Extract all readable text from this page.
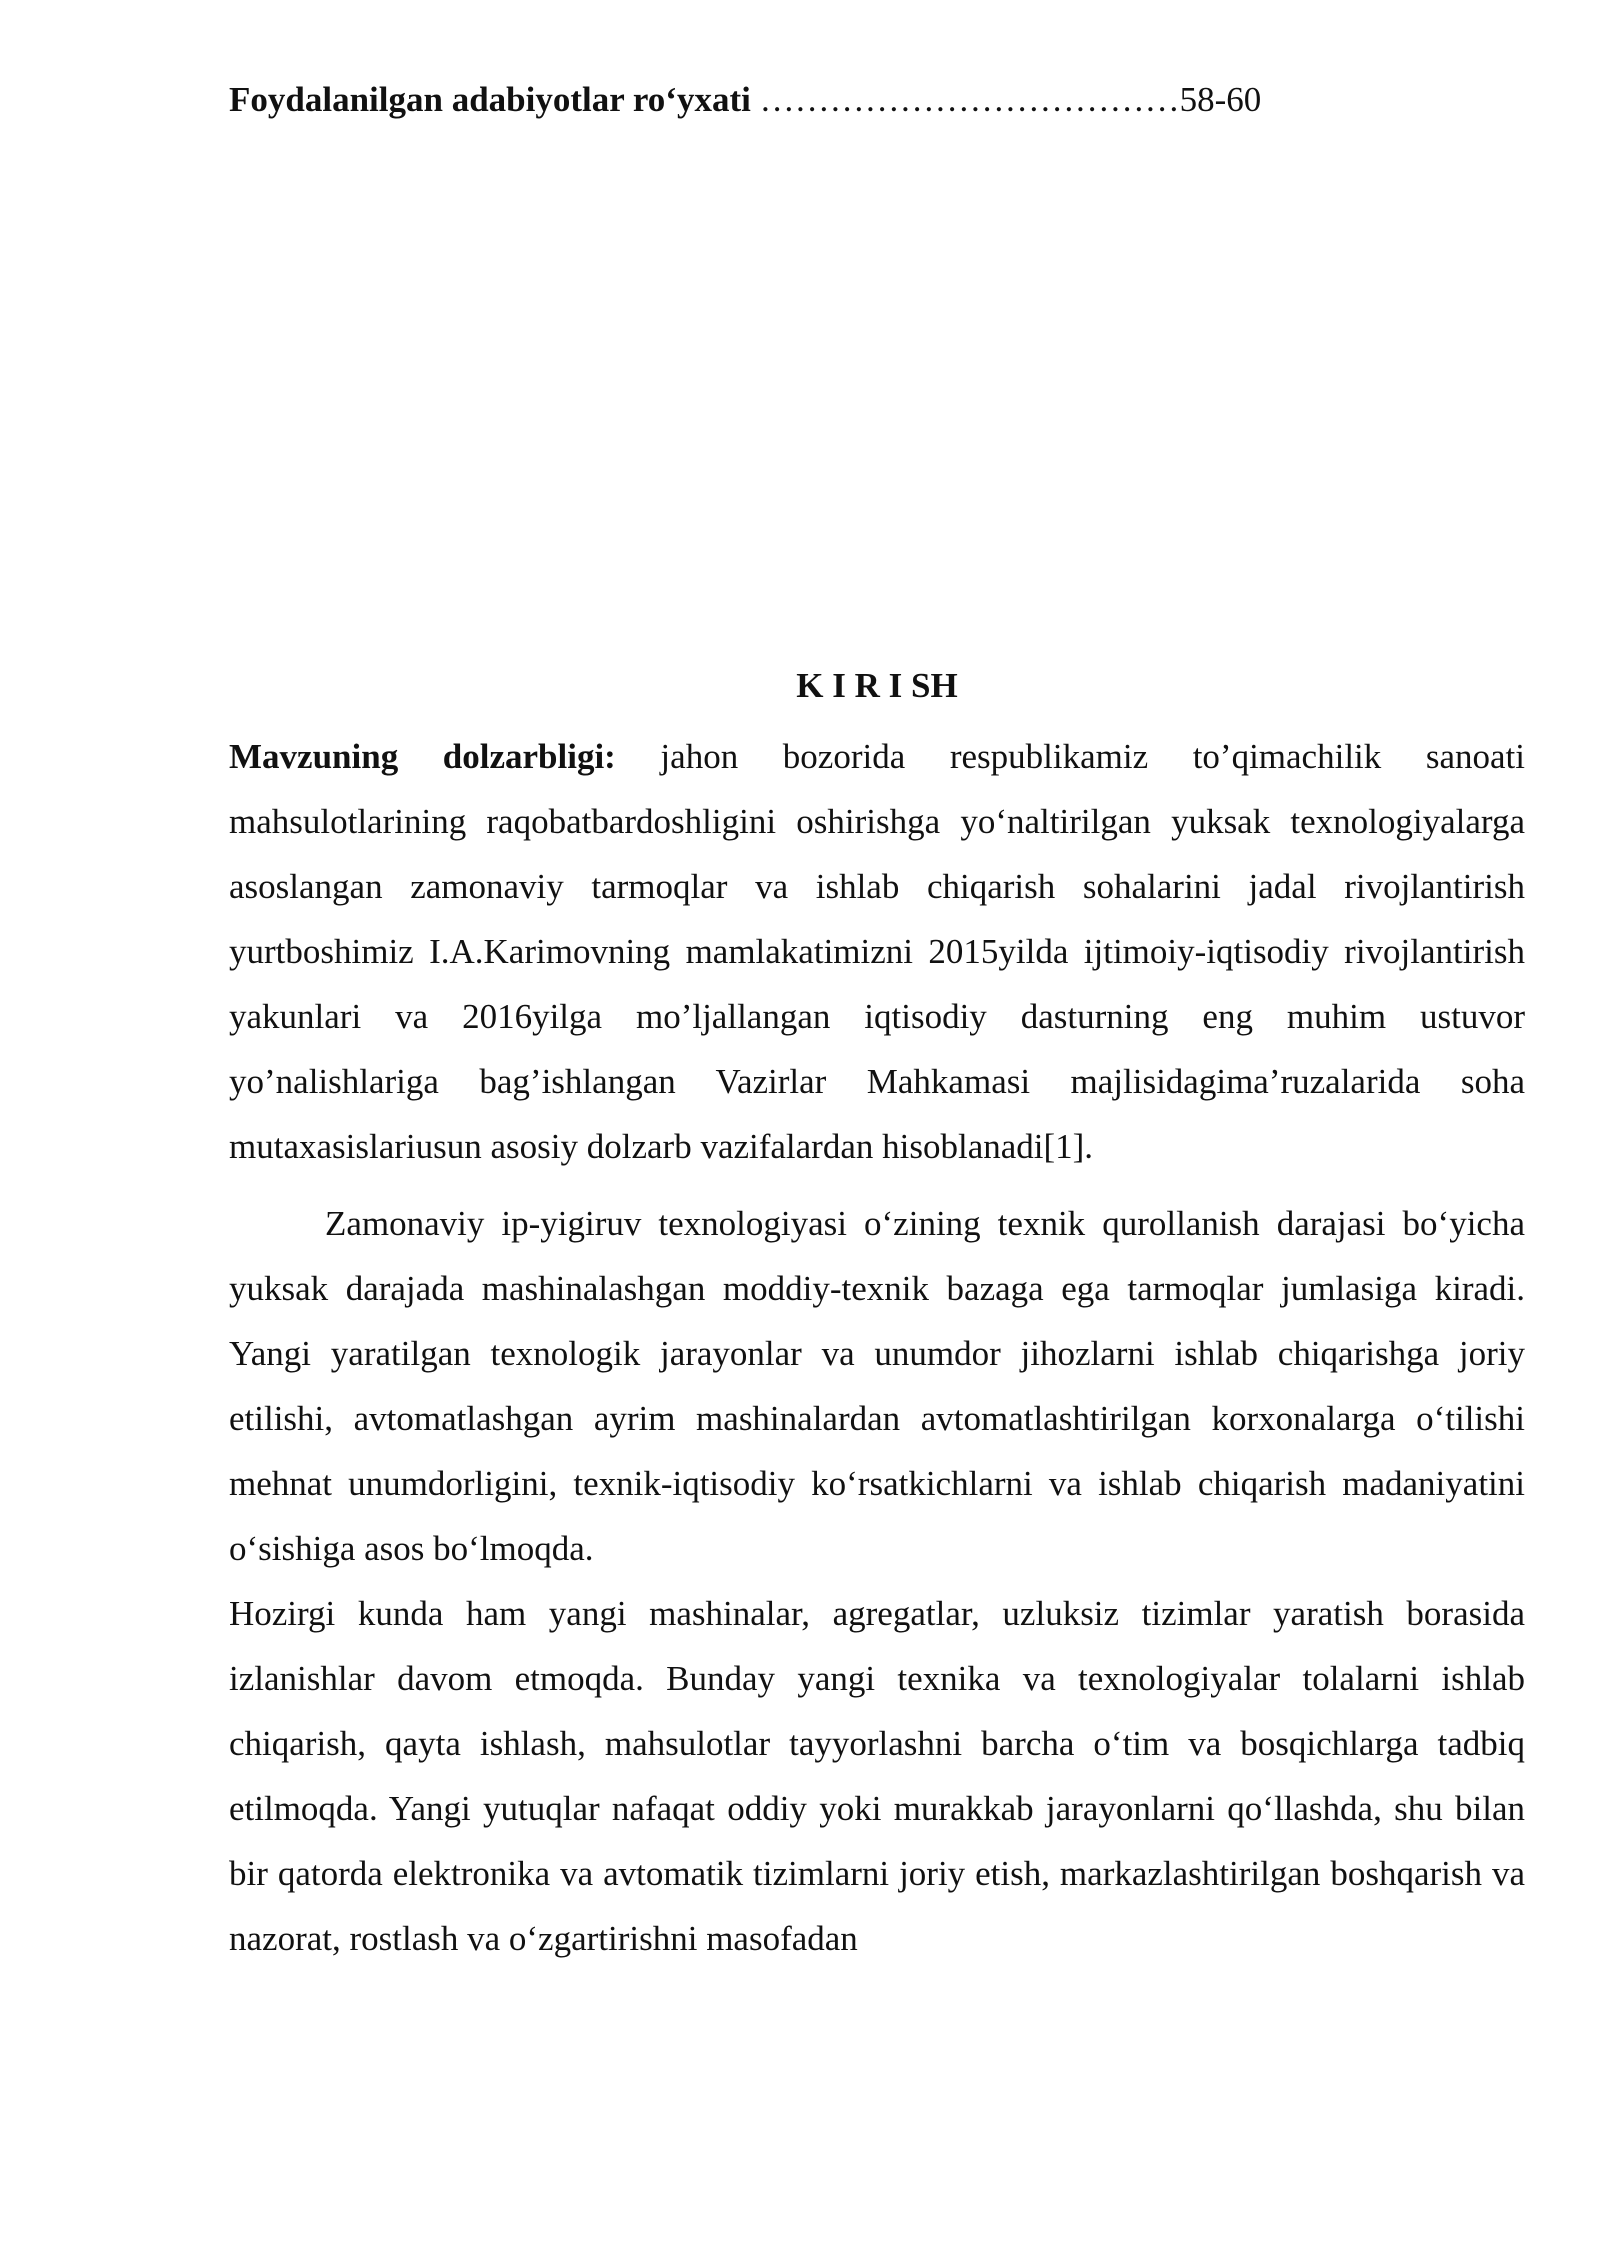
Foydalanilgan adabiyotlar ro‘yxati ………………………………58-60
K I R I SH

Mavzuning dolzarbligi: jahon bozorida respublikamiz to’qimachilik sanoati mahsulotlarining raqobatbardoshligini oshirishga yo‘naltirilgan yuksak texnologiyalarga asoslangan zamonaviy tarmoqlar va ishlab chiqarish sohalarini jadal rivojlantirish yurtboshimiz I.A.Karimovning mamlakatimizni 2015yilda ijtimoiy-iqtisodiy rivojlantirish yakunlari va 2016yilga mo’ljallangan iqtisodiy dasturning eng muhim ustuvor yo’nalishlariga bag’ishlangan Vazirlar Mahkamasi majlisidagima’ruzalarida soha mutaxasislariusun asosiy dolzarb vazifalardan hisoblanadi[1].

Zamonaviy ip-yigiruv texnologiyasi o‘zining texnik qurollanish darajasi bo‘yicha yuksak darajada mashinalashgan moddiy-texnik bazaga ega tarmoqlar jumlasiga kiradi. Yangi yaratilgan texnologik jarayonlar va unumdor jihozlarni ishlab chiqarishga joriy etilishi, avtomatlashgan ayrim mashinalardan avtomatlashtirilgan korxonalarga o‘tilishi mehnat unumdorligini, texnik-iqtisodiy ko‘rsatkichlarni va ishlab chiqarish madaniyatini o‘sishiga asos bo‘lmoqda.

Hozirgi kunda ham yangi mashinalar, agregatlar, uzluksiz tizimlar yaratish borasida izlanishlar davom etmoqda. Bunday yangi texnika va texnologiyalar tolalarni ishlab chiqarish, qayta ishlash, mahsulotlar tayyorlashni barcha o‘tim va bosqichlarga tadbiq etilmoqda. Yangi yutuqlar nafaqat oddiy yoki murakkab jarayonlarni qo‘llashda, shu bilan bir qatorda elektronika va avtomatik tizimlarni joriy etish, markazlashtirilgan boshqarish va nazorat, rostlash va o‘zgartirishni masofadan
